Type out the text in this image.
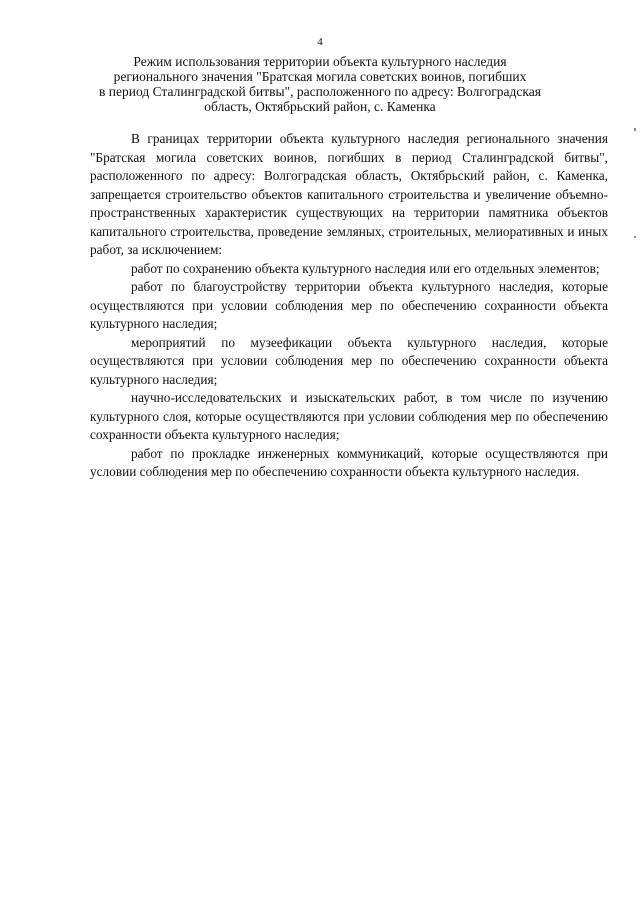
4
Режим использования территории объекта культурного наследия
регионального значения "Братская могила советских воинов, погибших
в период Сталинградской битвы", расположенного по адресу: Волгоградская
область, Октябрьский район, с. Каменка

В границах территории объекта культурного наследия регионального значения "Братская могила советских воинов, погибших в период Сталинградской битвы", расположенного по адресу: Волгоградская область, Октябрьский район, с. Каменка, запрещается строительство объектов капитального строительства и увеличение объемно-пространственных характеристик существующих на территории памятника объектов капитального строительства, проведение земляных, строительных, мелиоративных и иных работ, за исключением:

работ по сохранению объекта культурного наследия или его отдельных элементов;

работ по благоустройству территории объекта культурного наследия, которые осуществляются при условии соблюдения мер по обеспечению сохранности объекта культурного наследия;

мероприятий по музеефикации объекта культурного наследия, которые осуществляются при условии соблюдения мер по обеспечению сохранности объекта культурного наследия;

научно-исследовательских и изыскательских работ, в том числе по изучению культурного слоя, которые осуществляются при условии соблюдения мер по обеспечению сохранности объекта культурного наследия;

работ по прокладке инженерных коммуникаций, которые осуществляются при условии соблюдения мер по обеспечению сохранности объекта культурного наследия.
